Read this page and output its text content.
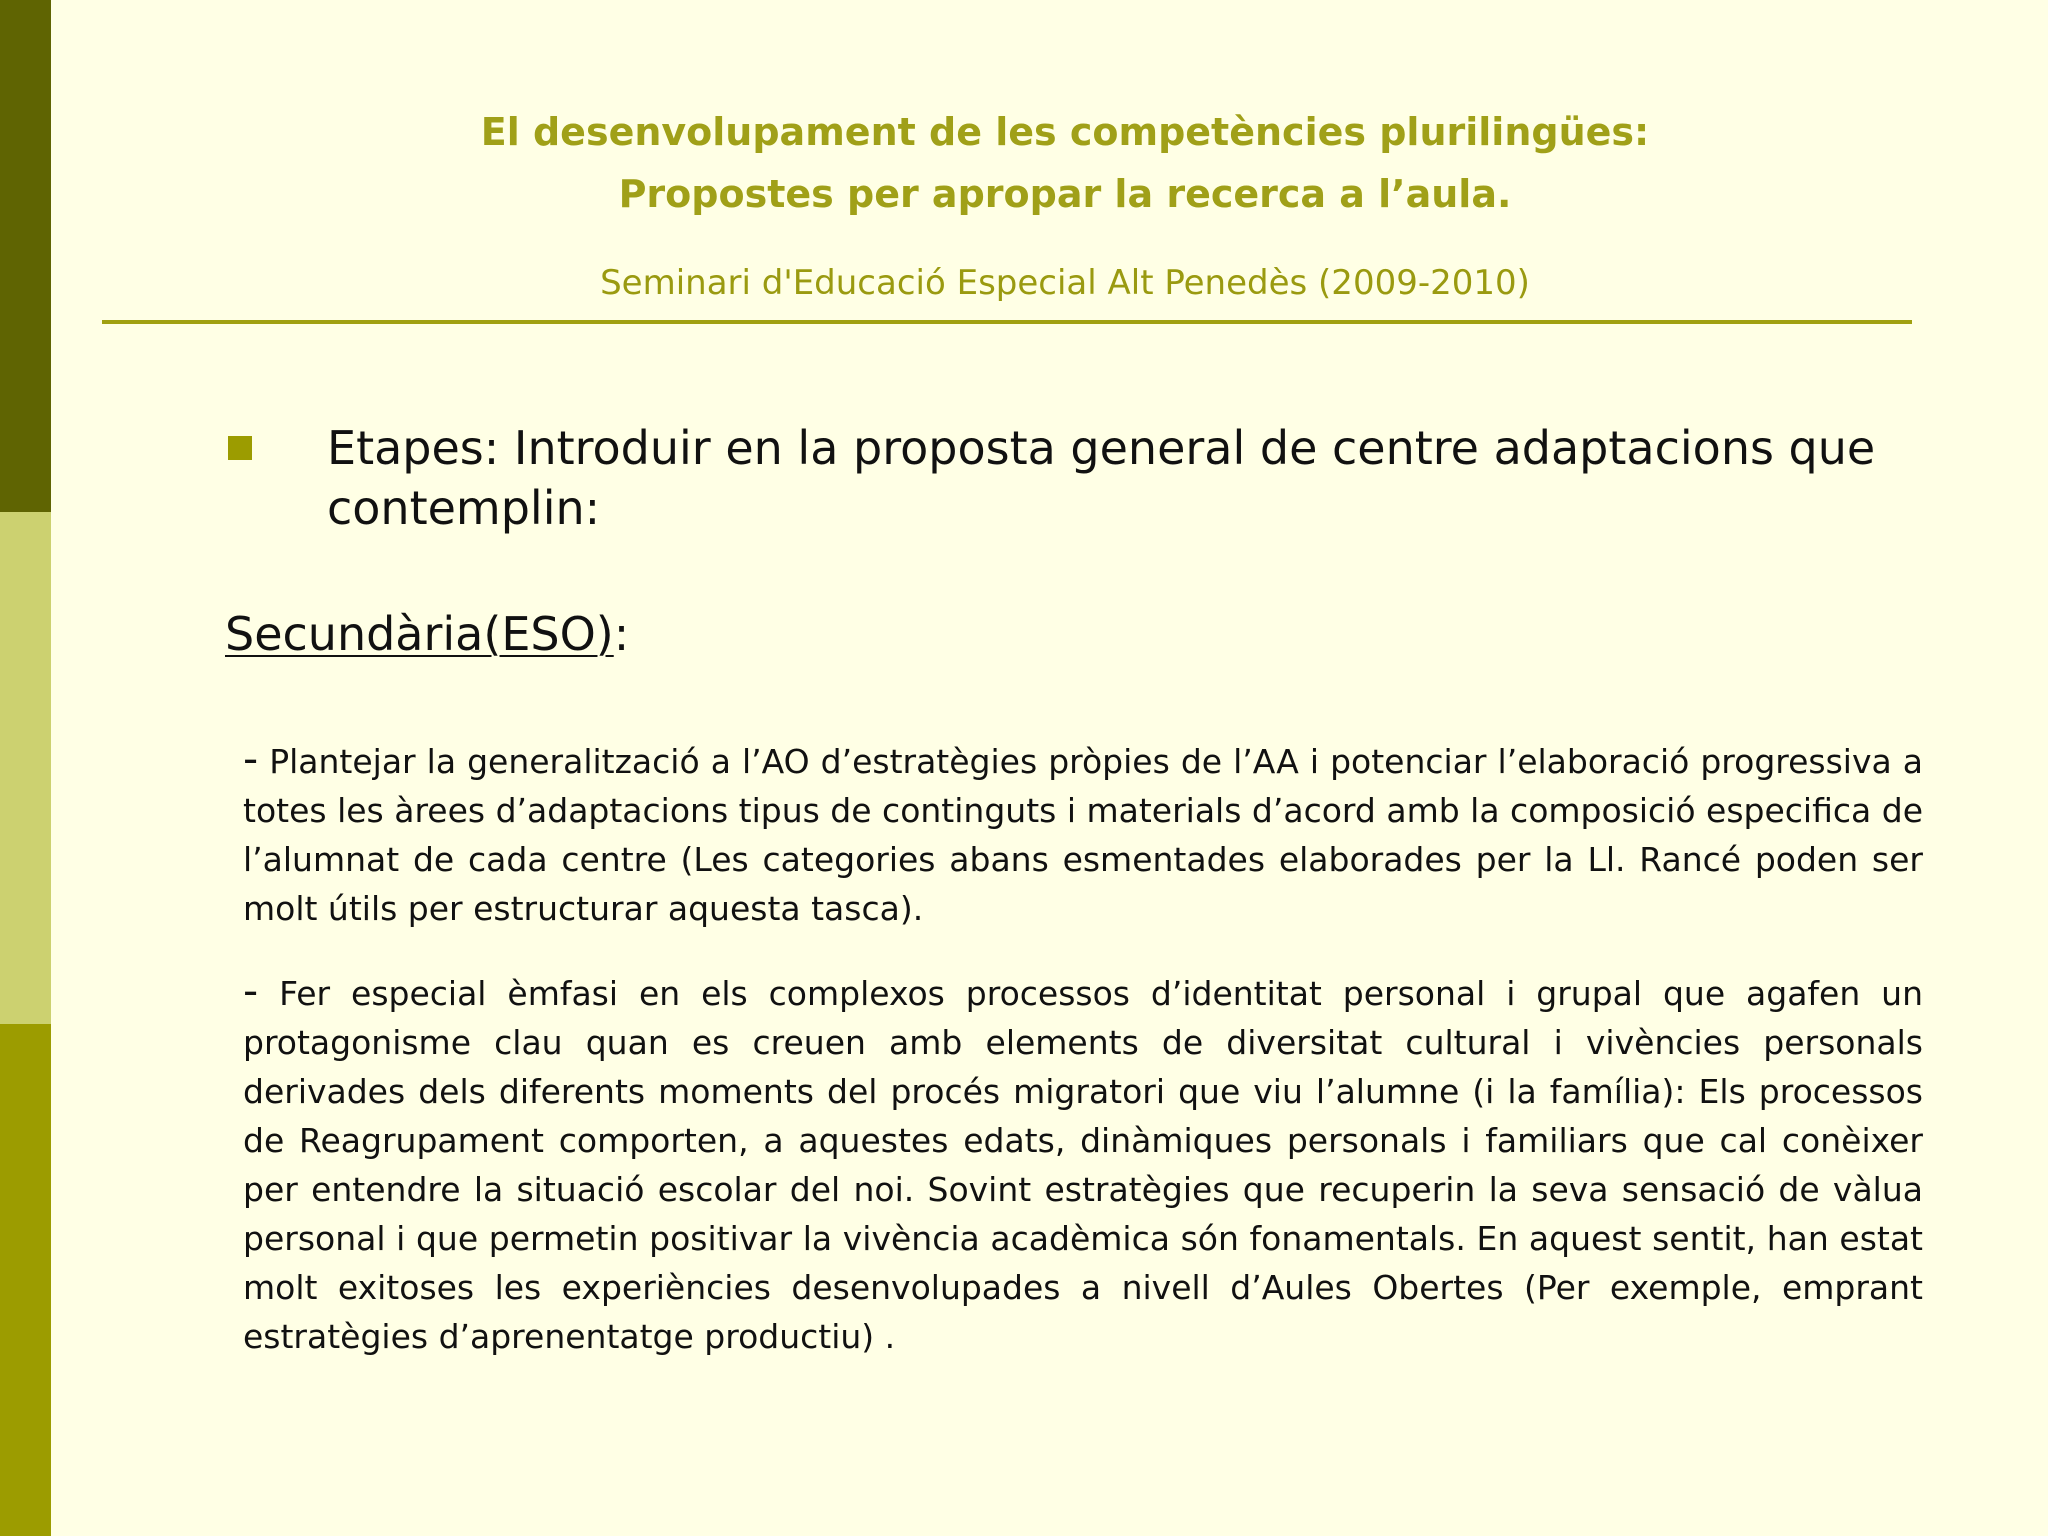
El desenvolupament de les competències plurilingües:
Propostes per apropar la recerca a l’aula.
Seminari d'Educació Especial Alt Penedès (2009-2010)
Etapes: Introduir en la proposta general de centre adaptacions que contemplin:
Secundària(ESO):
- Plantejar la generalització a l’AO d’estratègies pròpies de l’AA i potenciar l’elaboració progressiva a totes les àrees d’adaptacions tipus de continguts i materials d’acord amb la composició especifica de l’alumnat de cada centre (Les categories abans esmentades elaborades per la Ll. Rancé poden ser molt útils per estructurar aquesta tasca).
- Fer especial èmfasi en els complexos processos d’identitat personal i grupal que agafen un protagonisme clau quan es creuen amb elements de diversitat cultural i vivències personals derivades dels diferents moments del procés migratori que viu l’alumne (i la família): Els processos de Reagrupament comporten, a aquestes edats, dinàmiques personals i familiars que cal conèixer per entendre la situació escolar del noi. Sovint estratègies que recuperin la seva sensació de vàlua personal i que permetin positivar la vivència acadèmica són fonamentals. En aquest sentit, han estat molt exitoses les experiències desenvolupades a nivell d’Aules Obertes (Per exemple, emprant estratègies d’aprenentatge productiu) .
